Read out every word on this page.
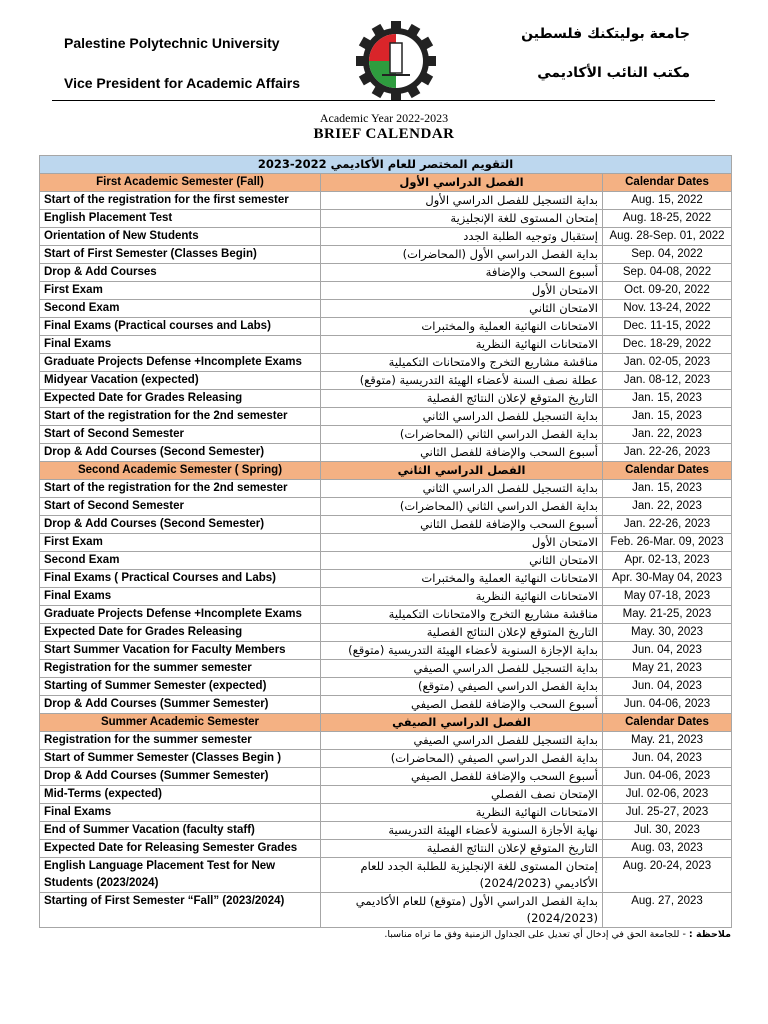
Palestine Polytechnic University
Vice President for Academic Affairs
جامعة بوليتكنك فلسطين
مكتب النائب الأكاديمي
Academic Year 2022-2023
BRIEF CALENDAR
التقويم المختصر للعام الأكاديمي 2022-2023		
First Academic Semester (Fall)	الفصل الدراسي الأول	Calendar Dates
Start of the registration for the first semester	بداية التسجيل للفصل الدراسي الأول	Aug. 15, 2022
English Placement Test	إمتحان المستوى للغة الإنجليزية	Aug. 18-25, 2022
Orientation of New Students	إستقبال وتوجيه الطلبة الجدد	Aug. 28-Sep. 01, 2022
Start of First Semester (Classes Begin)	بداية الفصل الدراسي الأول (المحاضرات)	Sep. 04, 2022
Drop & Add Courses	أسبوع السحب والإضافة	Sep. 04-08, 2022
First Exam	الامتحان الأول	Oct. 09-20, 2022
Second Exam	الامتحان الثاني	Nov. 13-24, 2022
Final Exams (Practical courses and Labs)	الامتحانات النهائية العملية والمختبرات	Dec. 11-15, 2022
Final Exams	الامتحانات النهائية النظرية	Dec. 18-29, 2022
Graduate Projects Defense +Incomplete Exams	مناقشة مشاريع التخرج والامتحانات التكميلية	Jan. 02-05, 2023
Midyear Vacation (expected)	عطلة نصف السنة لأعضاء الهيئة التدريسية (متوقع)	Jan. 08-12, 2023
Expected Date for Grades Releasing	التاريخ المتوقع لإعلان النتائج الفصلية	Jan. 15, 2023
Start of the registration for the 2nd semester	بداية التسجيل للفصل الدراسي الثاني	Jan. 15, 2023
Start of Second Semester	بداية الفصل الدراسي الثاني (المحاضرات)	Jan. 22, 2023
Drop & Add Courses (Second Semester)	أسبوع السحب والإضافة للفصل الثاني	Jan. 22-26, 2023
Second Academic Semester ( Spring)	الفصل الدراسي الثاني	Calendar Dates
Start of the registration for the 2nd semester	بداية التسجيل للفصل الدراسي الثاني	Jan. 15, 2023
Start of Second Semester	بداية الفصل الدراسي الثاني (المحاضرات)	Jan. 22, 2023
Drop & Add Courses (Second Semester)	أسبوع السحب والإضافة للفصل الثاني	Jan. 22-26, 2023
First Exam	الامتحان الأول	Feb. 26-Mar. 09, 2023
Second Exam	الامتحان الثاني	Apr. 02-13, 2023
Final Exams ( Practical Courses and Labs)	الامتحانات النهائية العملية والمختبرات	Apr. 30-May 04, 2023
Final Exams	الامتحانات النهائية النظرية	May 07-18, 2023
Graduate Projects Defense +Incomplete Exams	مناقشة مشاريع التخرج والامتحانات التكميلية	May. 21-25, 2023
Expected Date for Grades Releasing	التاريخ المتوقع لإعلان النتائج الفصلية	May. 30, 2023
Start Summer Vacation for Faculty Members	بداية الإجازة السنوية لأعضاء الهيئة التدريسية (متوقع)	Jun. 04, 2023
Registration for the summer semester	بداية التسجيل للفصل الدراسي الصيفي	May 21, 2023
Starting of Summer Semester (expected)	بداية الفصل الدراسي الصيفي (متوقع)	Jun. 04, 2023
Drop & Add Courses (Summer Semester)	أسبوع السحب والإضافة للفصل الصيفي	Jun. 04-06, 2023
Summer Academic Semester	الفصل الدراسي الصيفي	Calendar Dates
Registration for the summer semester	بداية التسجيل للفصل الدراسي الصيفي	May. 21, 2023
Start of Summer Semester (Classes Begin )	بداية الفصل الدراسي الصيفي (المحاضرات)	Jun. 04, 2023
Drop & Add Courses (Summer Semester)	أسبوع السحب والإضافة للفصل الصيفي	Jun. 04-06, 2023
Mid-Terms (expected)	الإمتحان نصف الفصلي	Jul. 02-06, 2023
Final Exams	الامتحانات النهائية النظرية	Jul. 25-27, 2023
End of Summer Vacation (faculty staff)	نهاية الأجازة السنوية لأعضاء الهيئة التدريسية	Jul. 30, 2023
Expected Date for Releasing Semester Grades	التاريخ المتوقع لإعلان النتائج الفصلية	Aug. 03, 2023
English Language Placement Test for New Students (2023/2024)	إمتحان المستوى للغة الإنجليزية للطلبة الجدد للعام الأكاديمي (2024/2023)	Aug. 20-24, 2023
Starting of First Semester “Fall” (2023/2024)	بداية الفصل الدراسي الأول (متوقع) للعام الأكاديمي (2024/2023)	Aug. 27, 2023
ملاحظة : - للجامعة الحق في إدخال أي تعديل على الجداول الزمنية وفق ما تراه مناسبا.
